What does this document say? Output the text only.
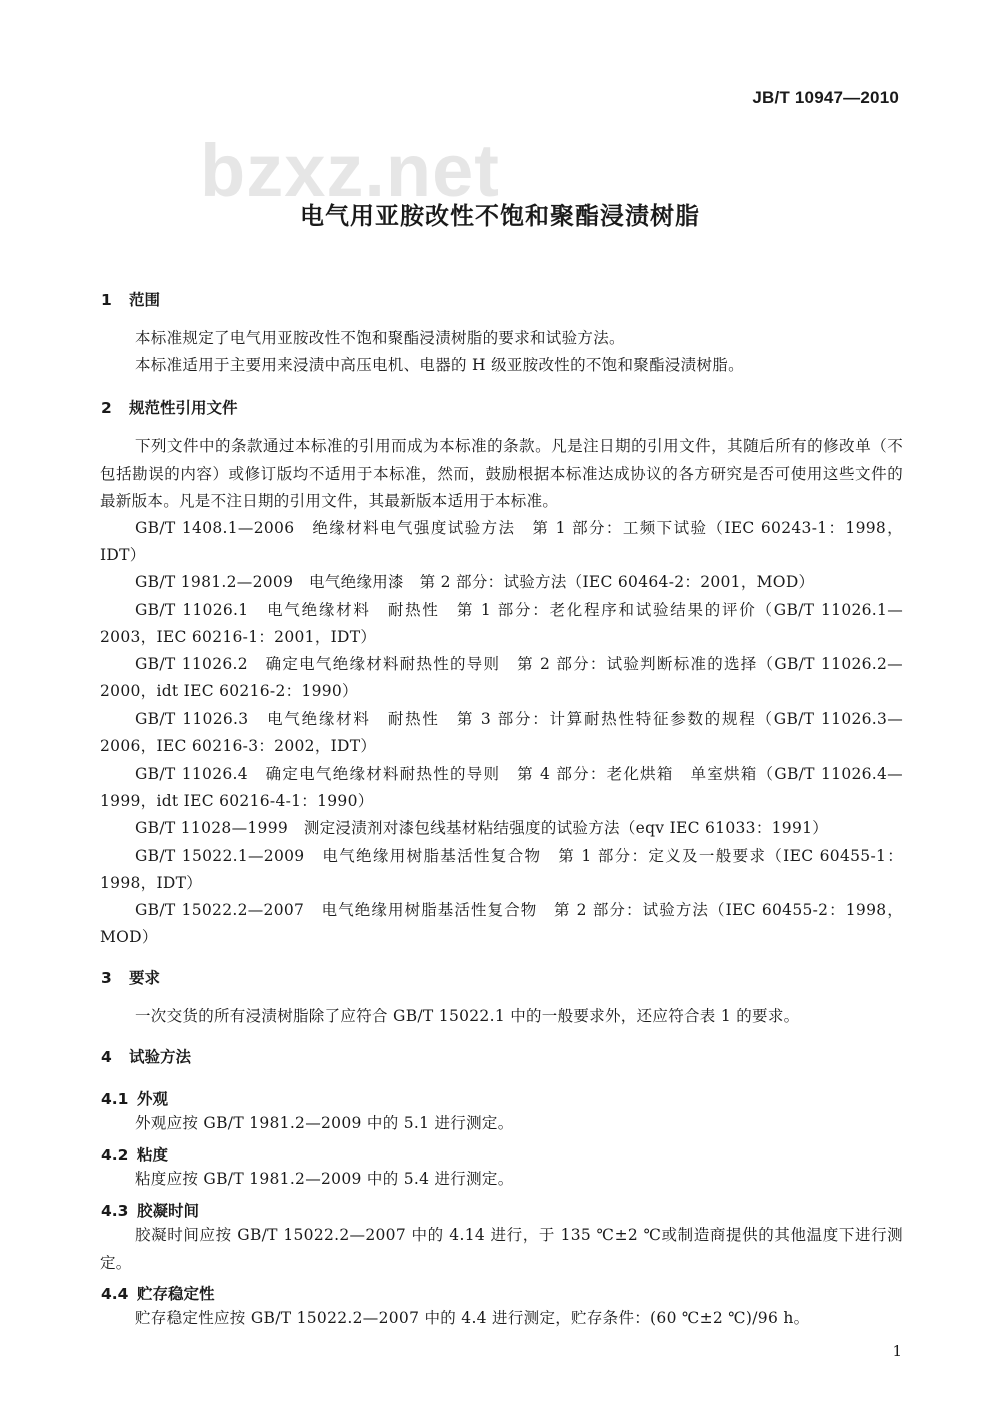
JB/T 10947—2010
bzxz.net
电气用亚胺改性不饱和聚酯浸渍树脂
1 范围
本标准规定了电气用亚胺改性不饱和聚酯浸渍树脂的要求和试验方法。
本标准适用于主要用来浸渍中高压电机、电器的 H 级亚胺改性的不饱和聚酯浸渍树脂。
2 规范性引用文件
下列文件中的条款通过本标准的引用而成为本标准的条款。凡是注日期的引用文件，其随后所有的修改单（不包括勘误的内容）或修订版均不适用于本标准，然而，鼓励根据本标准达成协议的各方研究是否可使用这些文件的最新版本。凡是不注日期的引用文件，其最新版本适用于本标准。
GB/T 1408.1—2006　绝缘材料电气强度试验方法　第 1 部分：工频下试验（IEC 60243-1：1998，IDT）
GB/T 1981.2—2009　电气绝缘用漆　第 2 部分：试验方法（IEC 60464-2：2001，MOD）
GB/T 11026.1　电气绝缘材料　耐热性　第 1 部分：老化程序和试验结果的评价（GB/T 11026.1—2003，IEC 60216-1：2001，IDT）
GB/T 11026.2　确定电气绝缘材料耐热性的导则　第 2 部分：试验判断标准的选择（GB/T 11026.2—2000，idt IEC 60216-2：1990）
GB/T 11026.3　电气绝缘材料　耐热性　第 3 部分：计算耐热性特征参数的规程（GB/T 11026.3—2006，IEC 60216-3：2002，IDT）
GB/T 11026.4　确定电气绝缘材料耐热性的导则　第 4 部分：老化烘箱　单室烘箱（GB/T 11026.4—1999，idt IEC 60216-4-1：1990）
GB/T 11028—1999　测定浸渍剂对漆包线基材粘结强度的试验方法（eqv IEC 61033：1991）
GB/T 15022.1—2009　电气绝缘用树脂基活性复合物　第 1 部分：定义及一般要求（IEC 60455-1：1998，IDT）
GB/T 15022.2—2007　电气绝缘用树脂基活性复合物　第 2 部分：试验方法（IEC 60455-2：1998，MOD）
3 要求
一次交货的所有浸渍树脂除了应符合 GB/T 15022.1 中的一般要求外，还应符合表 1 的要求。
4 试验方法
4.1 外观
外观应按 GB/T 1981.2—2009 中的 5.1 进行测定。
4.2 粘度
粘度应按 GB/T 1981.2—2009 中的 5.4 进行测定。
4.3 胶凝时间
胶凝时间应按 GB/T 15022.2—2007 中的 4.14 进行，于 135 ℃±2 ℃或制造商提供的其他温度下进行测定。
4.4 贮存稳定性
贮存稳定性应按 GB/T 15022.2—2007 中的 4.4 进行测定，贮存条件：(60 ℃±2 ℃)/96 h。
1
